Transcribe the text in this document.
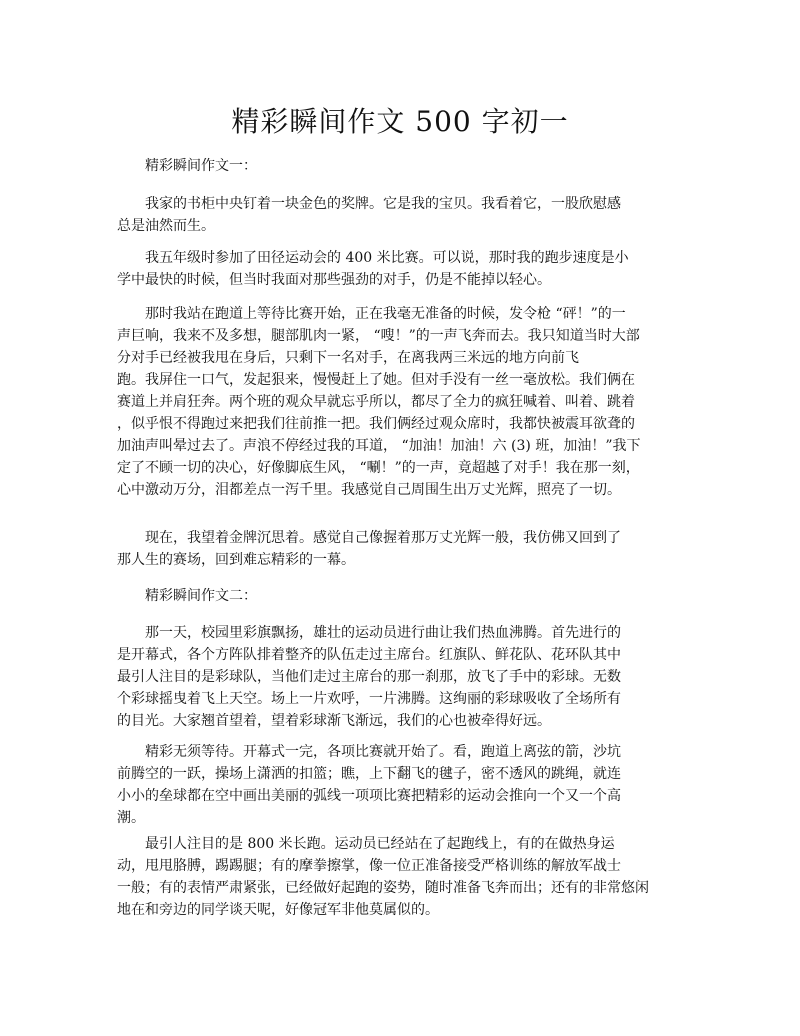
精彩瞬间作文 500 字初一
　　精彩瞬间作文一：
　　我家的书柜中央钉着一块金色的奖牌。它是我的宝贝。我看着它，一股欣慰感
总是油然而生。
　　我五年级时参加了田径运动会的 400 米比赛。可以说，那时我的跑步速度是小
学中最快的时候，但当时我面对那些强劲的对手，仍是不能掉以轻心。
　　那时我站在跑道上等待比赛开始，正在我毫无准备的时候，发令枪 “砰！”的一
声巨响，我来不及多想，腿部肌肉一紧， “嗖！”的一声飞奔而去。我只知道当时大部
分对手已经被我甩在身后，只剩下一名对手，在离我两三米远的地方向前飞
跑。我屏住一口气，发起狠来，慢慢赶上了她。但对手没有一丝一毫放松。我们俩在
赛道上并肩狂奔。两个班的观众早就忘乎所以，都尽了全力的疯狂喊着、叫着、跳着
，似乎恨不得跑过来把我们往前推一把。我们俩经过观众席时，我都快被震耳欲聋的
加油声叫晕过去了。声浪不停经过我的耳道， “加油！加油！六 (3) 班，加油！”我下
定了不顾一切的决心，好像脚底生风， “唰！”的一声，竟超越了对手！我在那一刻，
心中激动万分，泪都差点一泻千里。我感觉自己周围生出万丈光辉，照亮了一切。
　　现在，我望着金牌沉思着。感觉自己像握着那万丈光辉一般，我仿佛又回到了
那人生的赛场，回到难忘精彩的一幕。
　　精彩瞬间作文二：
　　那一天，校园里彩旗飘扬，雄壮的运动员进行曲让我们热血沸腾。首先进行的
是开幕式，各个方阵队排着整齐的队伍走过主席台。红旗队、鲜花队、花环队其中
最引人注目的是彩球队，当他们走过主席台的那一刹那，放飞了手中的彩球。无数
个彩球摇曳着飞上天空。场上一片欢呼，一片沸腾。这绚丽的彩球吸收了全场所有
的目光。大家翘首望着，望着彩球渐飞渐远，我们的心也被牵得好远。
　　精彩无须等待。开幕式一完，各项比赛就开始了。看，跑道上离弦的箭，沙坑
前腾空的一跃，操场上潇洒的扣篮；瞧，上下翻飞的毽子，密不透风的跳绳，就连
小小的垒球都在空中画出美丽的弧线一项项比赛把精彩的运动会推向一个又一个高
潮。
　　最引人注目的是 800 米长跑。运动员已经站在了起跑线上，有的在做热身运
动，甩甩胳膊，踢踢腿；有的摩拳擦掌，像一位正准备接受严格训练的解放军战士
一般；有的表情严肃紧张，已经做好起跑的姿势，随时准备飞奔而出；还有的非常悠闲
地在和旁边的同学谈天呢，好像冠军非他莫属似的。
